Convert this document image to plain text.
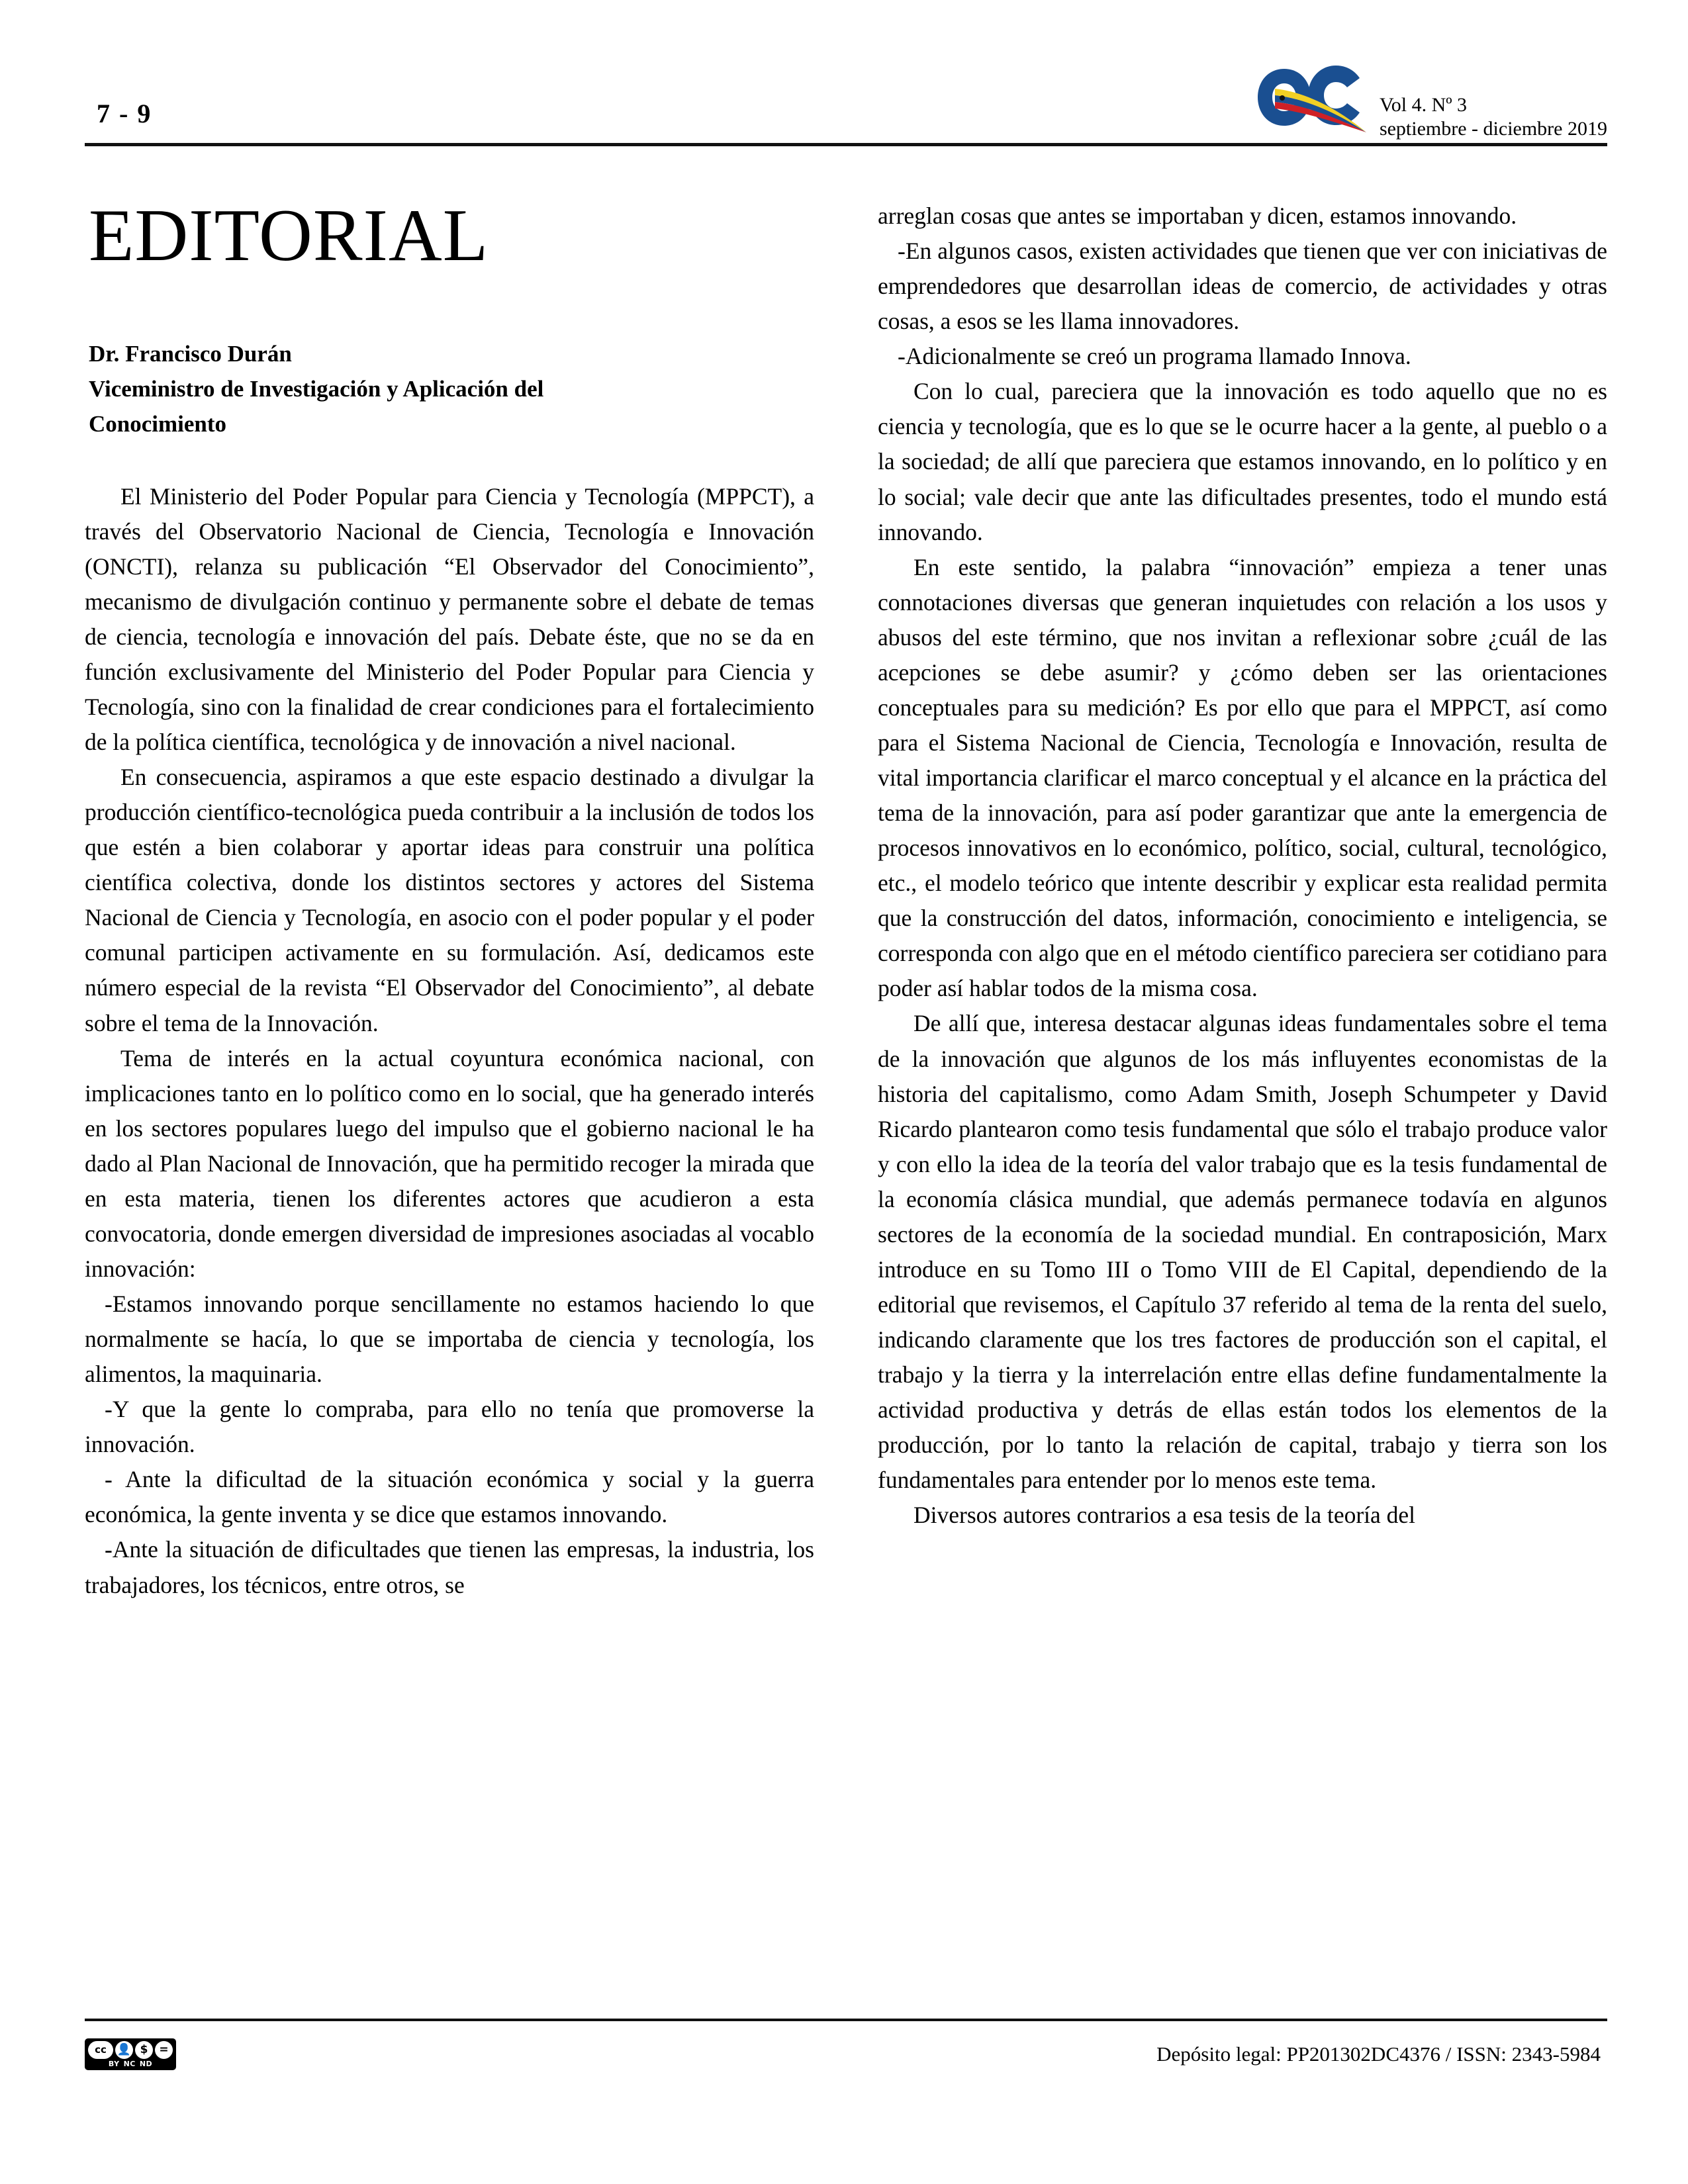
7 - 9	Vol 4. Nº 3
septiembre - diciembre 2019
EDITORIAL
Dr. Francisco Durán
Viceministro de Investigación y Aplicación del
Conocimiento

El Ministerio del Poder Popular para Ciencia y Tecnología (MPPCT), a través del Observatorio Nacional de Ciencia, Tecnología e Innovación (ONCTI), relanza su publicación “El Observador del Conocimiento”, mecanismo de divulgación continuo y permanente sobre el debate de temas de ciencia, tecnología e innovación del país. Debate éste, que no se da en función exclusivamente del Ministerio del Poder Popular para Ciencia y Tecnología, sino con la finalidad de crear condiciones para el fortalecimiento de la política científica, tecnológica y de innovación a nivel nacional.

En consecuencia, aspiramos a que este espacio destinado a divulgar la producción científico-tecnológica pueda contribuir a la inclusión de todos los que estén a bien colaborar y aportar ideas para construir una política científica colectiva, donde los distintos sectores y actores del Sistema Nacional de Ciencia y Tecnología, en asocio con el poder popular y el poder comunal participen activamente en su formulación. Así, dedicamos este número especial de la revista “El Observador del Conocimiento”, al debate sobre el tema de la Innovación.

Tema de interés en la actual coyuntura económica nacional, con implicaciones tanto en lo político como en lo social, que ha generado interés en los sectores populares luego del impulso que el gobierno nacional le ha dado al Plan Nacional de Innovación, que ha permitido recoger la mirada que en esta materia, tienen los diferentes actores que acudieron a esta convocatoria, donde emergen diversidad de impresiones asociadas al vocablo innovación:

-Estamos innovando porque sencillamente no estamos haciendo lo que normalmente se hacía, lo que se importaba de ciencia y tecnología, los alimentos, la maquinaria.

-Y que la gente lo compraba, para ello no tenía que promoverse la innovación.

- Ante la dificultad de la situación económica y social y la guerra económica, la gente inventa y se dice que estamos innovando.

-Ante la situación de dificultades que tienen las empresas, la industria, los trabajadores, los técnicos, entre otros, se

arreglan cosas que antes se importaban y dicen, estamos innovando.

-En algunos casos, existen actividades que tienen que ver con iniciativas de emprendedores que desarrollan ideas de comercio, de actividades y otras cosas, a esos se les llama innovadores.

-Adicionalmente se creó un programa llamado Innova.

Con lo cual, pareciera que la innovación es todo aquello que no es ciencia y tecnología, que es lo que se le ocurre hacer a la gente, al pueblo o a la sociedad; de allí que pareciera que estamos innovando, en lo político y en lo social; vale decir que ante las dificultades presentes, todo el mundo está innovando.

En este sentido, la palabra “innovación” empieza a tener unas connotaciones diversas que generan inquietudes con relación a los usos y abusos del este término, que nos invitan a reflexionar sobre ¿cuál de las acepciones se debe asumir? y ¿cómo deben ser las orientaciones conceptuales para su medición? Es por ello que para el MPPCT, así como para el Sistema Nacional de Ciencia, Tecnología e Innovación, resulta de vital importancia clarificar el marco conceptual y el alcance en la práctica del tema de la innovación, para así poder garantizar que ante la emergencia de procesos innovativos en lo económico, político, social, cultural, tecnológico, etc., el modelo teórico que intente describir y explicar esta realidad permita que la construcción del datos, información, conocimiento e inteligencia, se corresponda con algo que en el método científico pareciera ser cotidiano para poder así hablar todos de la misma cosa.

De allí que, interesa destacar algunas ideas fundamentales sobre el tema de la innovación que algunos de los más influyentes economistas de la historia del capitalismo, como Adam Smith, Joseph Schumpeter y David Ricardo plantearon como tesis fundamental que sólo el trabajo produce valor y con ello la idea de la teoría del valor trabajo que es la tesis fundamental de la economía clásica mundial, que además permanece todavía en algunos sectores de la economía de la sociedad mundial. En contraposición, Marx introduce en su Tomo III o Tomo VIII de El Capital, dependiendo de la editorial que revisemos, el Capítulo 37 referido al tema de la renta del suelo, indicando claramente que los tres factores de producción son el capital, el trabajo y la tierra y la interrelación entre ellas define fundamentalmente la actividad productiva y detrás de ellas están todos los elementos de la producción, por lo tanto la relación de capital, trabajo y tierra son los fundamentales para entender por lo menos este tema.

Diversos autores contrarios a esa tesis de la teoría del

cc 👤 $ =
BY NC ND	Depósito legal: PP201302DC4376 / ISSN: 2343-5984
